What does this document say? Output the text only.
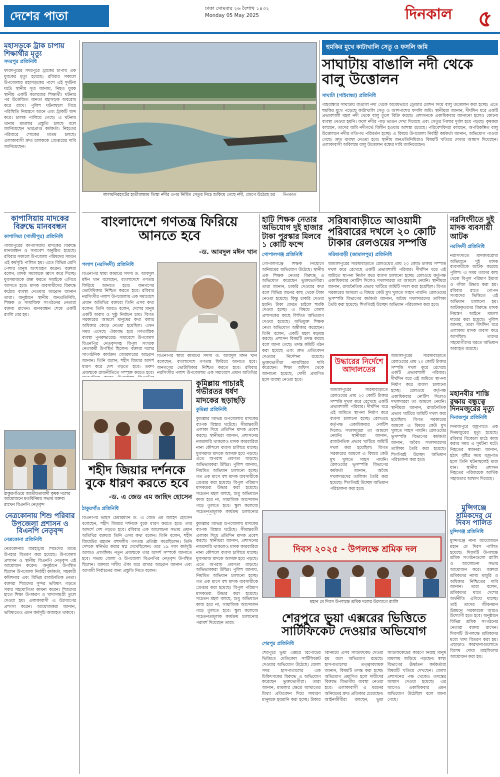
দেশের পাতা	ঢাকা সোমবার ২৬ বৈশাখ ১৪৩২
Monday 05 May 2025	দিনকাল ৫
মহাসড়কে ট্রাক চাপায় শিক্ষার্থীর মৃত্যু
সদরপুর প্রতিনিধি
ফরিদপুরের সদরপুরে ট্রাকের চাপায় এক যুবকের মৃত্যু হয়েছে। রবিবার সকালে উপজেলার মহাসড়কের পাশে এই দুর্ঘটনা ঘটে। স্থানীয় সূত্র জানায়, নিহত যুবক স্থানীয় একটি কলেজের শিক্ষার্থী। ঘটনার পর উত্তেজিত জনতা মহাসড়ক অবরোধ করে রাখে। পুলিশ ঘটনাস্থলে গিয়ে পরিস্থিতি নিয়ন্ত্রণে আনে এবং ট্রাকটি জব্দ করে। চালক পালিয়ে গেছে। এ ঘটনায় থানায় মামলার প্রস্তুতি চলছে বলে জানিয়েছেন ভারপ্রাপ্ত কর্মকর্তা। নিহতের পরিবারে শোকের মাতম চলছে। এলাকাবাসী দ্রুত চালককে গ্রেপ্তারের দাবি জানিয়েছেন।
কাপাসিয়ায় মাদকের বিরুদ্ধে মানববন্ধন
কাপাসিয়া (গাজীপুর) প্রতিনিধি
গাজীপুরের কাপাসিয়ায় মাদকের বিরুদ্ধে মানববন্ধন ও সমাবেশ অনুষ্ঠিত হয়েছে। রবিবার সকালে উপজেলা পরিষদের সামনে এই কর্মসূচি পালিত হয়। এতে বিভিন্ন শ্রেণি পেশার মানুষ অংশগ্রহণ করেন। বক্তারা বলেন, মাদক সমাজকে ধ্বংস করে দিচ্ছে। যুবসমাজকে রক্ষা করতে সবাইকে এগিয়ে আসতে হবে। মাদক ব্যবসায়ীদের বিরুদ্ধে কঠোর ব্যবস্থা নেওয়ার আহ্বান জানান তারা। অনুষ্ঠানে স্থানীয় জনপ্রতিনিধি, শিক্ষক ও সামাজিক সংগঠনের নেতারা বক্তব্য রাখেন। মানববন্ধন শেষে একটি র‍্যালি বের হয়।
লালমনিরহাটের হাতীবান্ধায় তিস্তা নদীর ওপর নির্মিত সেতুর নিচে শুকিয়ে গেছে নদী, জেগে উঠেছে চর দিনকাল
হুমকির মুখে কাটাখালি সেতু ও ফসলি জমি
সাঘাটায় বাঙালি নদী থেকে বালু উত্তোলন
সাঘাটা (গাইবান্ধা) প্রতিনিধি
গাইবান্ধার সাঘাটায় বাঙালি নদী থেকে অবৈধভাবে ড্রেজার মেশিন দিয়ে বালু উত্তোলন করা হচ্ছে। এতে হুমকির মুখে পড়েছে কাটাখালি সেতু ও আশপাশের ফসলি জমি। স্থানীয়রা জানান, দীর্ঘদিন ধরে একটি প্রভাবশালী মহল নদী থেকে বালু তুলে বিক্রি করছে। প্রশাসনকে একাধিকবার জানানো হলেও কোনো ব্যবস্থা নেওয়া হয়নি। ফলে নদীর পাড় ভাঙন দেখা দিয়েছে এবং সেতুর পিলার দুর্বল হয়ে পড়ছে। কৃষকরা বলছেন, তাদের জমি নদীগর্ভে বিলীন হওয়ার আশঙ্কা রয়েছে। পরিবেশবিদরা বলছেন, অপরিকল্পিত বালু উত্তোলনে নদীর গতিপথ পরিবর্তন হচ্ছে। এ বিষয়ে উপজেলা নির্বাহী কর্মকর্তা জানান, অভিযোগ পাওয়া গেছে। দ্রুত ব্যবস্থা নেওয়া হবে। স্থানীয় জনপ্রতিনিধিরাও বিষয়টি খতিয়ে দেখার আশ্বাস দিয়েছেন। এলাকাবাসী অবিলম্বে বালু উত্তোলন বন্ধের দাবি জানিয়েছেন।
বাংলাদেশে গণতন্ত্র ফিরিয়ে আনতে হবে
-ড. আবদুল মঈন খান
পলাশ (নরসিংদী) প্রতিনিধি
বিএনপির স্থায়ী কমিটির সদস্য ড. আবদুল মঈন খান বলেছেন, বাংলাদেশে গণতন্ত্র ফিরিয়ে আনতে হবে। জনগণের ভোটাধিকার নিশ্চিত করতে হবে। রবিবার নরসিংদীর পলাশ উপজেলায় এক সমাবেশে প্রধান অতিথির বক্তব্যে তিনি এসব কথা বলেন। তিনি আরও বলেন, দেশের মানুষ একটি অবাধ ও সুষ্ঠু নির্বাচন চায়। বিগত সরকারের আমলে মানুষের কথা বলার অধিকার কেড়ে নেওয়া হয়েছিল। এখন সময় এসেছে ঐক্যবদ্ধ হয়ে গণতান্ত্রিক ব্যবস্থা পুনরুদ্ধারের। সমাবেশে উপজেলা বিএনপির নেতৃবৃন্দসহ বিপুল সংখ্যক নেতাকর্মী উপস্থিত ছিলেন। বক্তারা দলের সাংগঠনিক কার্যক্রম জোরদারের আহ্বান জানান। তিনি বলেন, শহীদ জিয়ার আদর্শ ধারণ করে দেশ গড়তে হবে। তরুণ প্রজন্মকে রাজনীতিতে সম্পৃক্ত করতে হবে।
বিএনপির স্থায়ী কমিটির সদস্য ড. আবদুল মঈন খান বলেছেন, বাংলাদেশে গণতন্ত্র ফিরিয়ে আনতে হবে। জনগণের ভোটাধিকার নিশ্চিত করতে হবে। রবিবার নরসিংদীর পলাশ উপজেলায় এক সমাবেশে প্রধান অতিথির
হাটি শিক্ষক নেতার অভিযোগ দুই হাজার টাকা পুরস্কার মিলবে ১ কোটি ফন্দে
গোপালগঞ্জ প্রতিনিধি
গোপালগঞ্জে শিক্ষক নিয়োগে অনিয়মের অভিযোগ উঠেছে। স্থানীয় এক শিক্ষক নেতার বিরুদ্ধে এ অভিযোগ করেছেন ভুক্তভোগীরা। তারা জানান, চাকরি দেওয়ার কথা বলে বিভিন্ন জনের কাছ থেকে টাকা নেওয়া হয়েছে। কিন্তু চাকরি দেওয়া হয়নি। টাকা ফেরত চাইলে হুমকি দেওয়া হচ্ছে। এ বিষয়ে জেলা প্রশাসকের কাছে লিখিত অভিযোগ দেওয়া হয়েছে। অভিযুক্ত শিক্ষক নেতা অভিযোগ অস্বীকার করেছেন। তিনি বলেন, একটি মহল ষড়যন্ত্র করছে। প্রশাসন বিষয়টি তদন্ত করছে বলে জানা গেছে। তদন্ত কমিটি গঠন করা হয়েছে এবং দ্রুত প্রতিবেদন দেওয়ার নির্দেশনা রয়েছে। ভুক্তভোগীরা ন্যায়বিচার দাবি করেছেন। শিক্ষা অফিস থেকে জানানো হয়েছে, দোষী প্রমাণিত হলে ব্যবস্থা নেওয়া হবে।
সরিষাবাড়ীতে আওয়ামী পরিবারের দখলে ২০ কোটি টাকার রেলওয়ের সম্পত্তি
সরিষাবাড়ী (জামালপুর) প্রতিনিধি
জামালপুরের সরিষাবাড়ীতে রেলওয়ের প্রায় ২০ কোটি টাকার সম্পত্তি দখল করে রেখেছে একটি প্রভাবশালী পরিবার। দীর্ঘদিন ধরে এই জমিতে স্থাপনা নির্মাণ করে ব্যবসা চালানো হচ্ছে। রেলওয়ে কর্তৃপক্ষ একাধিকবার নোটিশ দিলেও দখলদাররা তা আমলে নেয়নি। স্থানীয়রা জানান, রাজনৈতিক প্রভাব খাটিয়ে জমিটি দখল করা হয়েছিল। বিগত সরকারের আমলে এ বিষয়ে কেউ মুখ খুলতে সাহস পায়নি। রেলওয়ের ভূসম্পত্তি বিভাগের কর্মকর্তা জানান, অবৈধ দখলদারদের তালিকা তৈরি করা হয়েছে। শিগগিরই উচ্ছেদ অভিযান পরিচালনা করা হবে।
উদ্ধারের নির্দেশে আদালতের
জামালপুরের সরিষাবাড়ীতে রেলওয়ের প্রায় ২০ কোটি টাকার সম্পত্তি দখল করে রেখেছে একটি প্রভাবশালী পরিবার। দীর্ঘদিন ধরে এই জমিতে স্থাপনা নির্মাণ করে ব্যবসা চালানো হচ্ছে। রেলওয়ে কর্তৃপক্ষ একাধিকবার নোটিশ দিলেও দখলদাররা তা আমলে নেয়নি। স্থানীয়রা জানান, রাজনৈতিক প্রভাব খাটিয়ে জমিটি দখল করা হয়েছিল। বিগত সরকারের আমলে এ বিষয়ে কেউ মুখ খুলতে সাহস পায়নি। রেলওয়ের ভূসম্পত্তি বিভাগের কর্মকর্তা জানান, অবৈধ দখলদারদের তালিকা তৈরি করা হয়েছে। শিগগিরই উচ্ছেদ অভিযান পরিচালনা করা হবে।
জামালপুরের সরিষাবাড়ীতে রেলওয়ের প্রায় ২০ কোটি টাকার সম্পত্তি দখল করে রেখেছে একটি প্রভাবশালী পরিবার। দীর্ঘদিন ধরে এই জমিতে স্থাপনা নির্মাণ করে ব্যবসা চালানো হচ্ছে। রেলওয়ে কর্তৃপক্ষ একাধিকবার নোটিশ দিলেও দখলদাররা তা আমলে নেয়নি। স্থানীয়রা জানান, রাজনৈতিক প্রভাব খাটিয়ে জমিটি দখল করা হয়েছিল। বিগত সরকারের আমলে এ বিষয়ে কেউ মুখ খুলতে সাহস পায়নি। রেলওয়ের ভূসম্পত্তি বিভাগের কর্মকর্তা জানান, অবৈধ দখলদারদের তালিকা তৈরি করা হয়েছে। শিগগিরই উচ্ছেদ অভিযান পরিচালনা করা হবে।
নরসিংদীতে দুই মাদক ব্যবসায়ী আটক
নরসিংদী প্রতিনিধি
নরসিংদীতে মাদকবিরোধী অভিযানে দুই মাদক ব্যবসায়ীকে আটক করেছে পুলিশ। এ সময় তাদের কাছ থেকে বিপুল পরিমাণ ইয়াবা ও গাঁজা উদ্ধার করা হয়। রবিবার রাতে গোপন সংবাদের ভিত্তিতে এই অভিযান চালানো হয়। আটককৃতদের বিরুদ্ধে মাদক নিয়ন্ত্রণ আইনে মামলা দায়ের করা হয়েছে। পুলিশ জানায়, তারা দীর্ঘদিন ধরে এলাকায় মাদক ব্যবসা করে আসছিল। তাদের সহযোগীদের ধরতে অভিযান অব্যাহত রয়েছে।
মহানবীর শাস্তি রক্ষায় বন্ধুত্বে দিনমজুরের মৃত্যু
দিনাজপুর প্রতিনিধি
দিনাজপুরে বজ্রপাতে এক দিনমজুরের মৃত্যু হয়েছে। রবিবার বিকেলে মাঠে কাজ করার সময় এ দুর্ঘটনা ঘটে। নিহতের স্বজনরা জানান, হঠাৎ বৃষ্টির সময় বজ্রপাত হলে তিনি ঘটনাস্থলেই মারা যান। স্থানীয় প্রশাসন নিহতের পরিবারকে আর্থিক সহায়তার আশ্বাস দিয়েছে।
ঠাকুরগাঁওয়ে জাতীয়তাবাদী কৃষক দলের আয়োজনে মতবিনিময় সভায় বক্তব্য রাখেন বিএনপি নেতৃবৃন্দ
নেত্রকোনায় শিশু পরিবার উপজেলা প্রশাসন ও বিএনপি নেতৃবৃন্দ
নেত্রকোনা প্রতিনিধি
নেত্রকোনার বারহাট্টায় শিশুদের মাঝে উপহার বিতরণ করা হয়েছে। উপজেলা প্রশাসন ও স্থানীয় বিএনপি নেতৃবৃন্দ এই আয়োজন করেন। অনুষ্ঠানে উপস্থিত ছিলেন উপজেলা নির্বাহী কর্মকর্তা, সহকারী কমিশনার এবং বিভিন্ন রাজনৈতিক নেতা। বক্তারা শিশুদের সুন্দর ভবিষ্যৎ গড়তে সবার সহযোগিতা কামনা করেন। শিশুদের হাতে শিক্ষা উপকরণ ও খাদ্যসামগ্রী তুলে দেওয়া হয়। এলাকাবাসী এ উদ্যোগের প্রশংসা করেন। আয়োজকরা জানান, ভবিষ্যতেও এমন কর্মসূচি অব্যাহত থাকবে।
কুমিল্লায় পাচারই গভীরতর ধর্ষণ মাদকের ছড়াছড়ি
কুমিল্লা প্রতিনিধি
কুমিল্লার বিভিন্ন উপজেলায় মাদকের ব্যাপক বিস্তার ঘটেছে। সীমান্তবর্তী এলাকা দিয়ে প্রতিদিন মাদক প্রবেশ করছে। স্থানীয়রা জানান, প্রশাসনের নজরদারি থাকলেও মাদক কারবারিরা নানা কৌশলে ব্যবসা চালিয়ে যাচ্ছে। যুবসমাজ মাদকে আসক্ত হয়ে পড়ছে। এতে অপরাধ প্রবণতা বাড়ছে। অভিভাবকরা উদ্বিগ্ন। পুলিশ জানায়, নিয়মিত অভিযান চালানো হচ্ছে। গত এক মাসে বহু মাদক ব্যবসায়ীকে গ্রেপ্তার করা হয়েছে। বিপুল পরিমাণ মাদকদ্রব্য উদ্ধার করা হয়েছে। সচেতন মহল বলছে, শুধু অভিযানে কাজ হবে না, সামাজিক আন্দোলন গড়ে তুলতে হবে। স্কুল কলেজে সচেতনতামূলক কার্যক্রম চালানোর
শহীদ জিয়ার দর্শনকে বুকে ধারণ করতে হবে
-ড. এ জেড এম জাহিদ হোসেন
ঠাকুরগাঁও প্রতিনিধি
বিএনপির ভাইস চেয়ারম্যান ড. এ জেড এম জাহিদ হোসেন বলেছেন, শহীদ জিয়ার দর্শনকে বুকে ধারণ করতে হবে। তার আদর্শে দেশ গড়তে হবে। রবিবার এক আলোচনা সভায় প্রধান অতিথির বক্তব্যে তিনি এসব কথা বলেন। তিনি বলেন, শহীদ জিয়াউর রহমান বহুদলীয় গণতন্ত্র প্রতিষ্ঠা করেছিলেন। তিনি দেশকে স্বনির্ভর করার স্বপ্ন দেখেছিলেন। তার ১৯ দফা কর্মসূচি আজও প্রাসঙ্গিক। নতুন প্রজন্মকে তার আদর্শ সম্পর্কে জানাতে হবে। সভায় জেলা ও উপজেলা বিএনপির নেতৃবৃন্দ উপস্থিত ছিলেন। বক্তারা দলীয় ঐক্য ধরে রাখার আহ্বান জানান এবং আগামী নির্বাচনের জন্য প্রস্তুতি নিতে বলেন।
কুমিল্লার বিভিন্ন উপজেলায় মাদকের ব্যাপক বিস্তার ঘটেছে। সীমান্তবর্তী এলাকা দিয়ে প্রতিদিন মাদক প্রবেশ করছে। স্থানীয়রা জানান, প্রশাসনের নজরদারি থাকলেও মাদক কারবারিরা নানা কৌশলে ব্যবসা চালিয়ে যাচ্ছে। যুবসমাজ মাদকে আসক্ত হয়ে পড়ছে। এতে অপরাধ প্রবণতা বাড়ছে। অভিভাবকরা উদ্বিগ্ন। পুলিশ জানায়, নিয়মিত অভিযান চালানো হচ্ছে। গত এক মাসে বহু মাদক ব্যবসায়ীকে গ্রেপ্তার করা হয়েছে। বিপুল পরিমাণ মাদকদ্রব্য উদ্ধার করা হয়েছে। সচেতন মহল বলছে, শুধু অভিযানে কাজ হবে না, সামাজিক আন্দোলন গড়ে তুলতে হবে। স্কুল কলেজে সচেতনতামূলক কার্যক্রম চালানোর পরামর্শ দিয়েছেন তারা।
দিবস ২০২৫ - উপলক্ষে শ্রমিক দল
মহান মে দিবস উপলক্ষে শ্রমিক দলের উদ্যোগে র‍্যালি
শেরপুরে ভুয়া এক্সরের ভিত্তিতে সার্টিফিকেট দেওয়ার অভিযোগ
শেরপুর প্রতিনিধি
শেরপুরে ভুয়া এক্সরে রিপোর্টের ভিত্তিতে মেডিকেল সার্টিফিকেট দেওয়ার অভিযোগ উঠেছে। জেলা সদর হাসপাতালের এক চিকিৎসকের বিরুদ্ধে এ অভিযোগ করেছেন ভুক্তভোগীরা। তারা জানান, মামলার ক্ষেত্রে আঘাতের মিথ্যা প্রতিবেদন দিয়ে সাধারণ মানুষকে হয়রানি করা হচ্ছে। টাকার বিনিময়ে এসব সার্টিফিকেট দেওয়া হয় বলে অভিযোগ রয়েছে। হাসপাতালের তত্ত্বাবধায়ক জানান, বিষয়টি তদন্ত করা হচ্ছে। অভিযোগ প্রমাণিত হলে দায়ীদের বিরুদ্ধে বিভাগীয় ব্যবস্থা নেওয়া হবে। এলাকাবাসী এ ধরনের অনিয়মের দ্রুত প্রতিকার চেয়েছেন। আইনজীবীরা বলছেন, ভুয়া সার্টিফিকেটের কারণে নিরীহ মানুষ মামলায় জড়িয়ে পড়ছেন। স্বাস্থ্য বিভাগের ঊর্ধ্বতন কর্মকর্তারা বিষয়টি খতিয়ে দেখছেন। জেলা প্রশাসনের পক্ষ থেকেও তদন্তের আশ্বাস দেওয়া হয়েছে। এর আগেও একাধিকবার এমন অভিযোগ উঠেছিল বলে জানা গেছে।
মুন্সিগঞ্জে শ্রমিকদের মে দিবস পালিত
মুন্সিগঞ্জ প্রতিনিধি
মুন্সিগঞ্জে নানা আয়োজনে মহান মে দিবস পালিত হয়েছে। দিবসটি উপলক্ষে শ্রমিক সংগঠনগুলো র‍্যালি ও আলোচনা সভার আয়োজন করে। বক্তারা শ্রমিকদের ন্যায্য মজুরি ও অধিকার নিশ্চিতের দাবি জানান। তারা বলেন, শ্রমিকদের ঘামে দেশের অর্থনীতি এগিয়ে যাচ্ছে। তাই তাদের জীবনমান উন্নয়নে সরকারকে আরও উদ্যোগী হতে হবে। অনুষ্ঠানে বিভিন্ন শ্রমিক সংগঠনের নেতারা বক্তব্য রাখেন। দিবসটি উপলক্ষে শ্রমিকদের মধ্যে খাদ্য বিতরণ করা হয়। এছাড়াও কারখানাগুলোতে বিশেষ দোয়া মাহফিলের আয়োজন করা হয়।
